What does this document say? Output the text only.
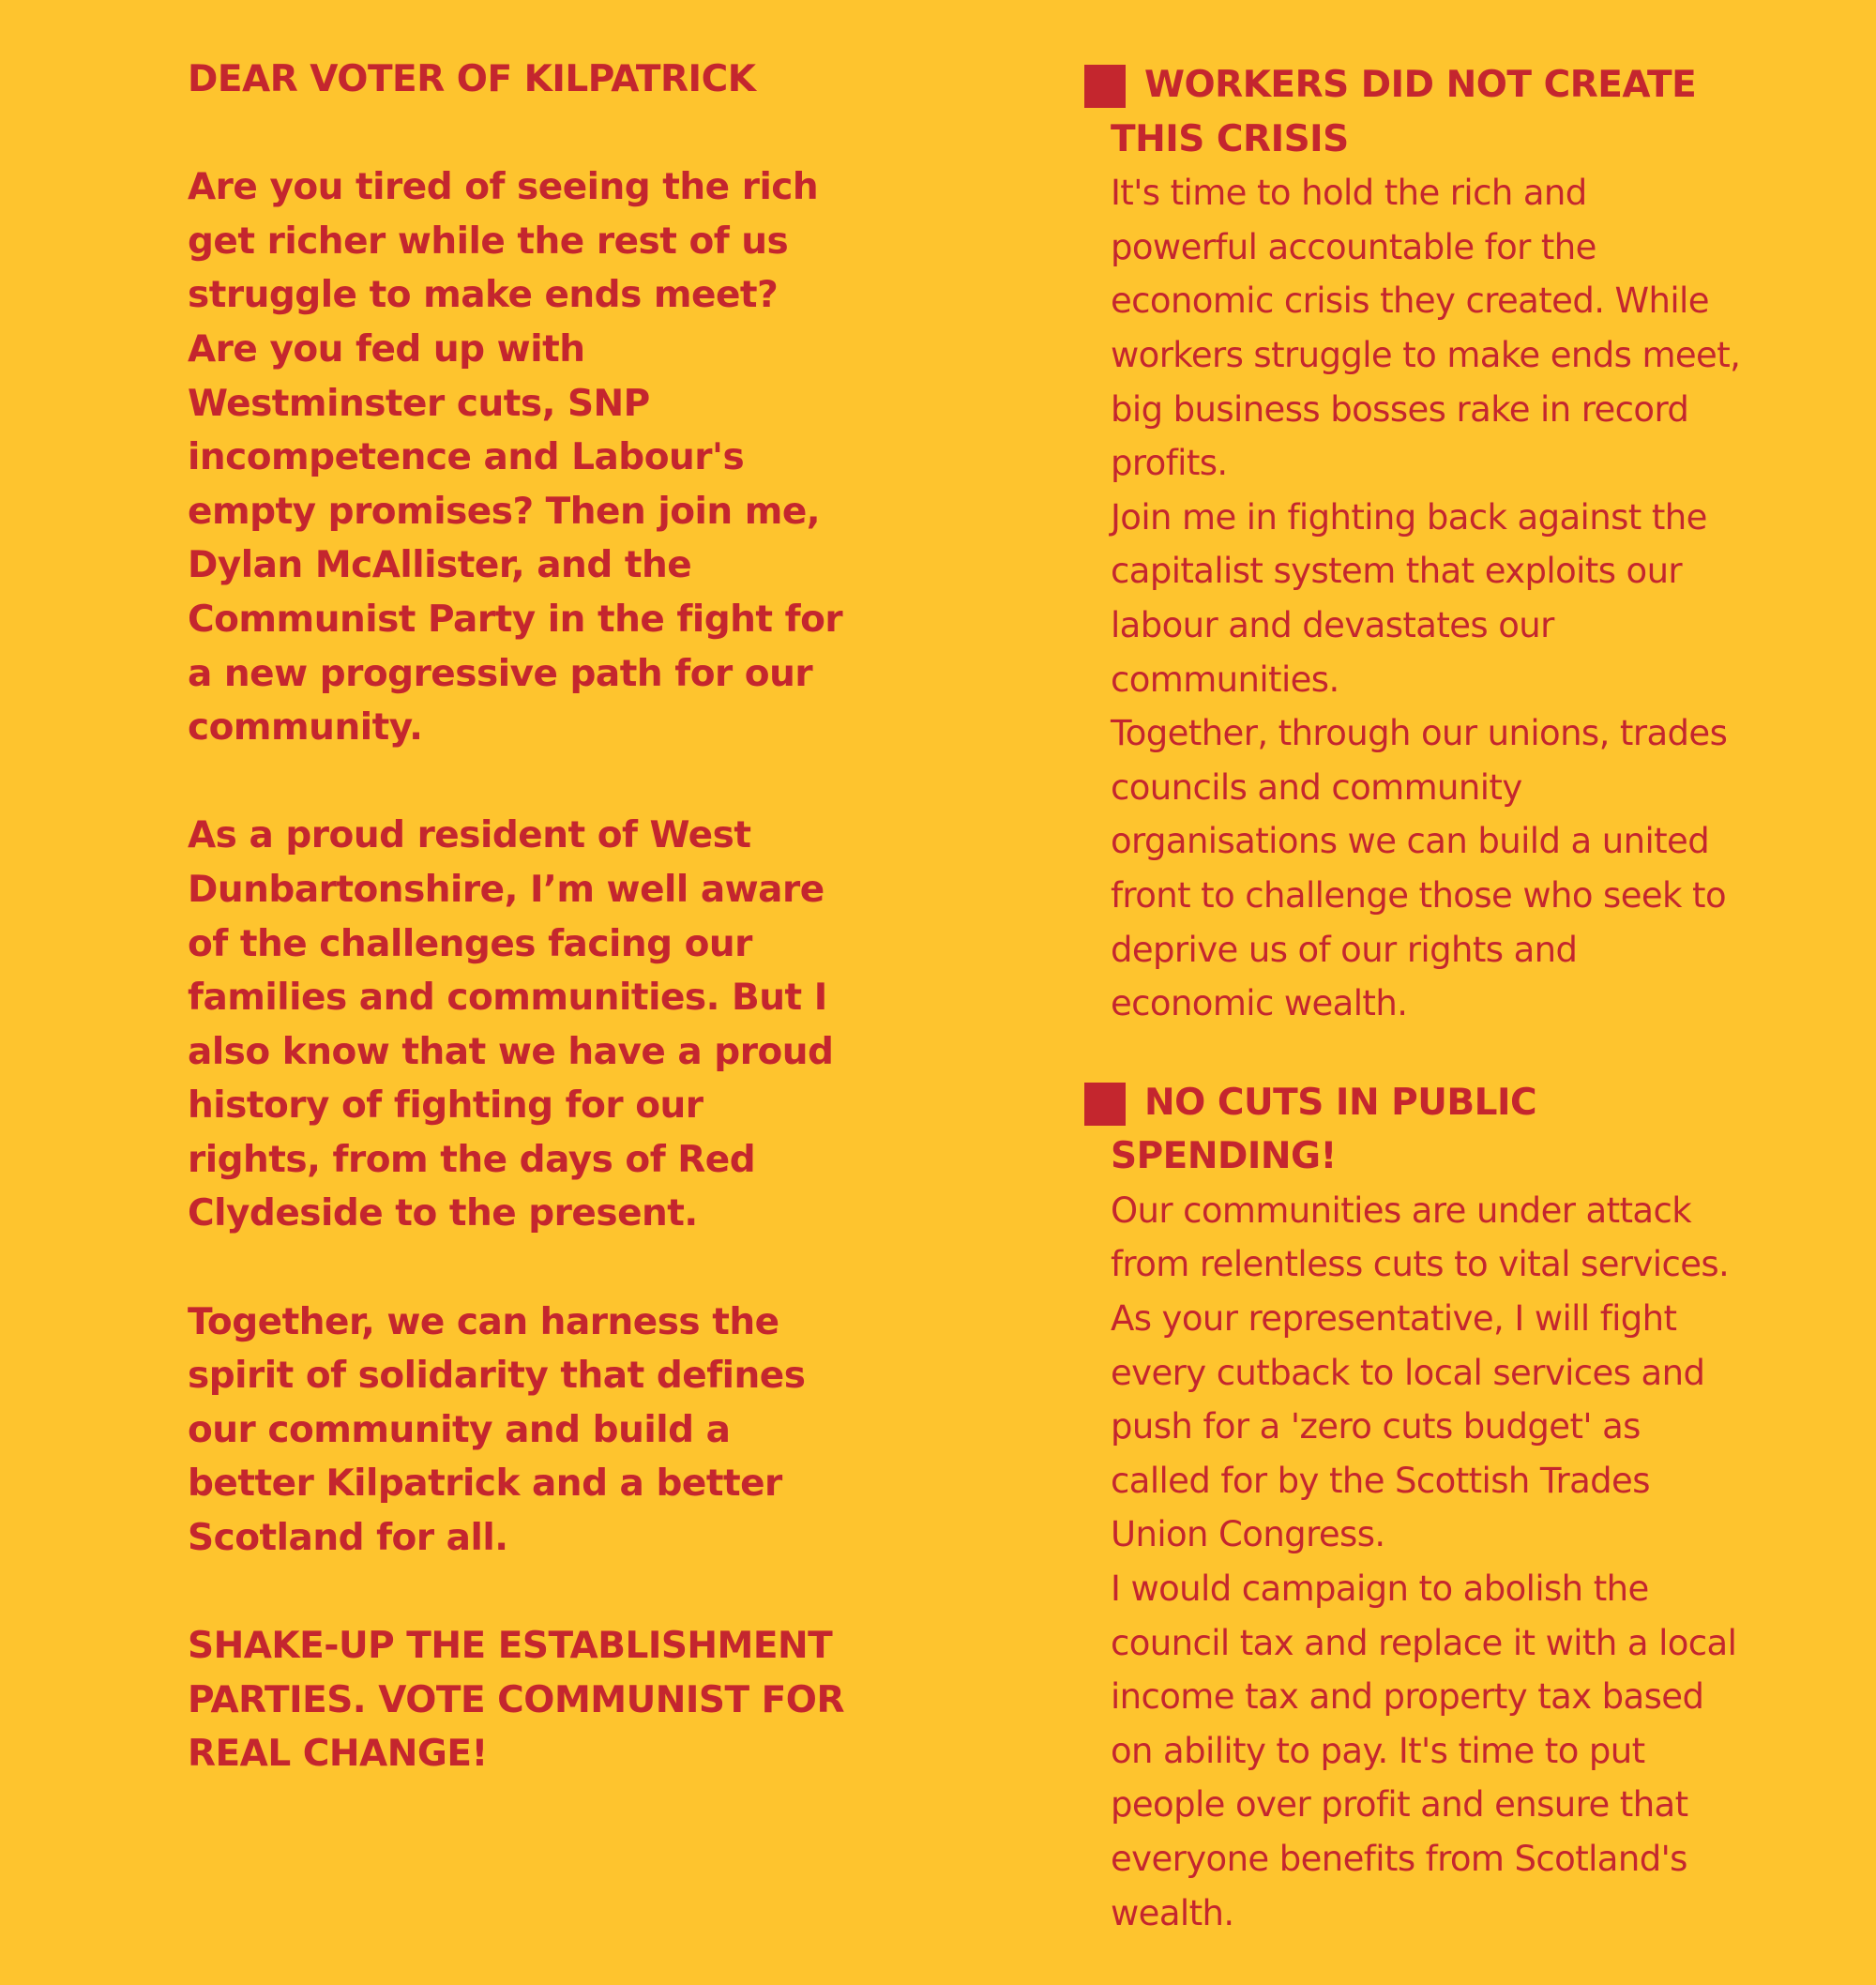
DEAR VOTER OF KILPATRICK

Are you tired of seeing the rich get richer while the rest of us struggle to make ends meet? Are you fed up with Westminster cuts, SNP incompetence and Labour's empty promises? Then join me, Dylan McAllister, and the Communist Party in the fight for a new progressive path for our community.

As a proud resident of West Dunbartonshire, I’m well aware of the challenges facing our families and communities. But I also know that we have a proud history of fighting for our rights, from the days of Red Clydeside to the present.

Together, we can harness the spirit of solidarity that defines our community and build a better Kilpatrick and a better Scotland for all.

SHAKE-UP THE ESTABLISHMENT PARTIES. VOTE COMMUNIST FOR REAL CHANGE!
WORKERS DID NOT CREATE THIS CRISIS

It's time to hold the rich and powerful accountable for the economic crisis they created. While workers struggle to make ends meet, big business bosses rake in record profits.

Join me in fighting back against the capitalist system that exploits our labour and devastates our communities.

Together, through our unions, trades councils and community organisations we can build a united front to challenge those who seek to deprive us of our rights and economic wealth.

NO CUTS IN PUBLIC SPENDING!

Our communities are under attack from relentless cuts to vital services. As your representative, I will fight every cutback to local services and push for a 'zero cuts budget' as called for by the Scottish Trades Union Congress.

I would campaign to abolish the council tax and replace it with a local income tax and property tax based on ability to pay. It's time to put people over profit and ensure that everyone benefits from Scotland's wealth.
